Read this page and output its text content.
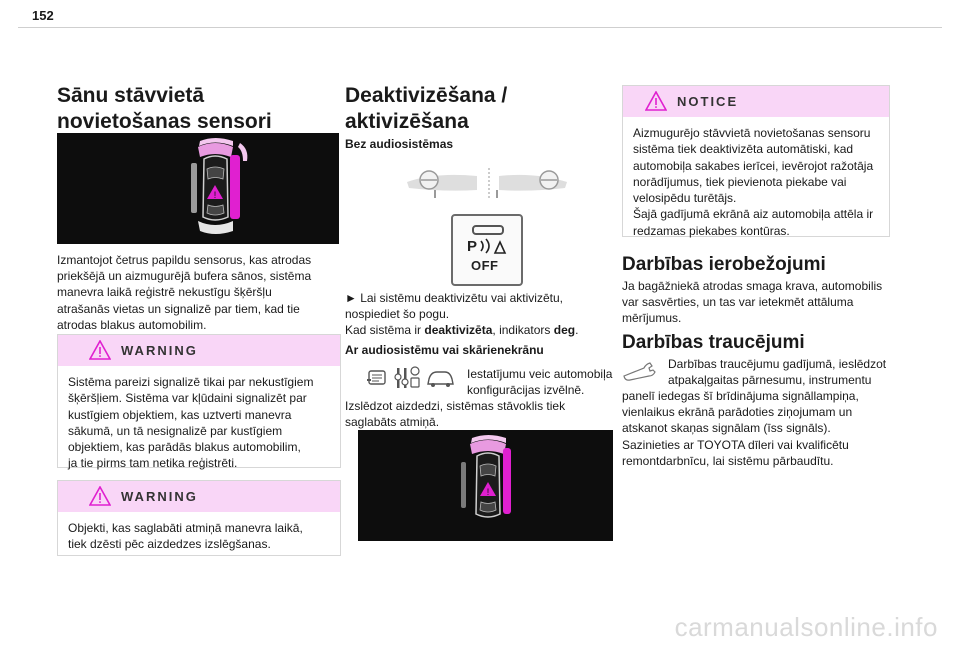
152
Sānu stāvvietā
novietošanas sensori
!
Izmantojot četrus papildu sensorus, kas atrodas
priekšējā un aizmugurējā bufera sānos, sistēma
manevra laikā reģistrē nekustīgu šķēršļu
atrašanās vietas un signalizē par tiem, kad tie
atrodas blakus automobilim.
WARNING
Sistēma pareizi signalizē tikai par nekustīgiem
šķēršļiem. Sistēma var kļūdaini signalizēt par
kustīgiem objektiem, kas uztverti manevra
sākumā, un tā nesignalizē par kustīgiem
objektiem, kas parādās blakus automobilim,
ja tie pirms tam netika reģistrēti.
WARNING
Objekti, kas saglabāti atmiņā manevra laikā,
tiek dzēsti pēc aizdedzes izslēgšanas.
Deaktivizēšana /
aktivizēšana
Bez audiosistēmas
P
OFF
► Lai sistēmu deaktivizētu vai aktivizētu,
nospiediet šo pogu.
Kad sistēma ir deaktivizēta, indikators deg.
Ar audiosistēmu vai skārienekrānu
Iestatījumu veic automobiļa
konfigurācijas izvēlnē.
Izslēdzot aizdedzi, sistēmas stāvoklis tiek
saglabāts atmiņā.
!
NOTICE
Aizmugurējo stāvvietā novietošanas sensoru
sistēma tiek deaktivizēta automātiski, kad
automobiļa sakabes ierīcei, ievērojot ražotāja
norādījumus, tiek pievienota piekabe vai
velosipēdu turētājs.
Šajā gadījumā ekrānā aiz automobiļa attēla ir
redzamas piekabes kontūras.
Darbības ierobežojumi
Ja bagāžniekā atrodas smaga krava, automobilis
var sasvērties, un tas var ietekmēt attāluma
mērījumus.
Darbības traucējumi
Darbības traucējumu gadījumā, ieslēdzot
atpakaļgaitas pārnesumu, instrumentu
panelī iedegas šī brīdinājuma signāllampiņa,
vienlaikus ekrānā parādoties ziņojumam un
atskanot skaņas signālam (īss signāls).
Sazinieties ar TOYOTA dīleri vai kvalificētu
remontdarbnīcu, lai sistēmu pārbaudītu.
carmanualsonline.info
